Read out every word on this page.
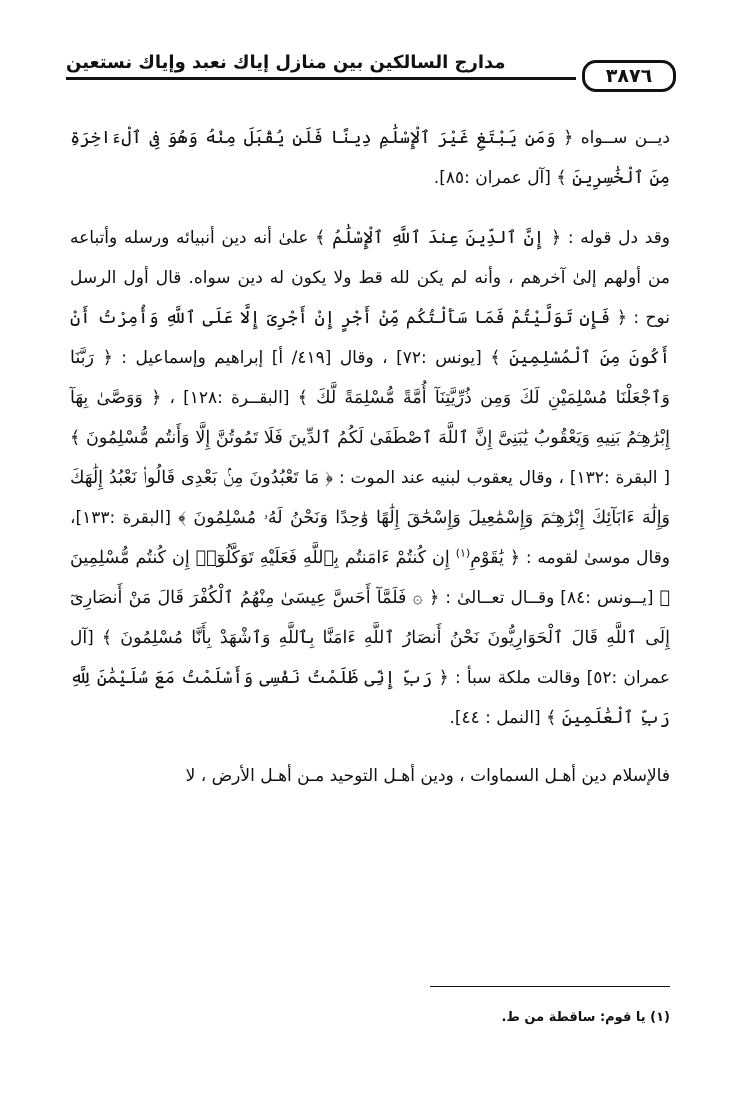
مدارج السالكين بين منازل إياك نعبد وإياك نستعين
٣٨٧٦

ديــن ســواه ﴿ وَمَن يَبْتَغِ غَيْرَ ٱلْإِسْلَٰمِ دِينًا فَلَن يُقْبَلَ مِنْهُ وَهُوَ فِى ٱلْءَاخِرَةِ مِنَ ٱلْخَٰسِرِينَ ﴾ [آل عمران :٨٥].

وقد دل قوله : ﴿ إِنَّ ٱلدِّينَ عِندَ ٱللَّهِ ٱلْإِسْلَٰمُ ﴾ علىٰ أنه دين أنبيائه ورسله وأتباعه من أولهم إلىٰ آخرهم ، وأنه لم يكن لله قط ولا يكون له دين سواه. قال أول الرسل نوح : ﴿ فَإِن تَوَلَّيْتُمْ فَمَا سَأَلْتُكُم مِّنْ أَجْرٍ إِنْ أَجْرِىَ إِلَّا عَلَى ٱللَّهِ وَأُمِرْتُ أَنْ أَكُونَ مِنَ ٱلْمُسْلِمِينَ ﴾ [يونس :٧٢] ، وقال [٤١٩/ أ] إبراهيم وإسماعيل : ﴿ رَبَّنَا وَٱجْعَلْنَا مُسْلِمَيْنِ لَكَ وَمِن ذُرِّيَّتِنَآ أُمَّةً مُّسْلِمَةً لَّكَ ﴾ [البقــرة :١٢٨] ، ﴿ وَوَصَّىٰ بِهَآ إِبْرَٰهِـۧمُ بَنِيهِ وَيَعْقُوبُ يَٰبَنِىَّ إِنَّ ٱللَّهَ ٱصْطَفَىٰ لَكُمُ ٱلدِّينَ فَلَا تَمُوتُنَّ إِلَّا وَأَنتُم مُّسْلِمُونَ ﴾ [ البقرة :١٣٢] ، وقال يعقوب لبنيه عند الموت : ﴿ مَا تَعْبُدُونَ مِنۢ بَعْدِى قَالُوا۟ نَعْبُدُ إِلَٰهَكَ وَإِلَٰهَ ءَابَآئِكَ إِبْرَٰهِـۧمَ وَإِسْمَٰعِيلَ وَإِسْحَٰقَ إِلَٰهًا وَٰحِدًا وَنَحْنُ لَهُۥ مُسْلِمُونَ ﴾ [البقرة :١٣٣]، وقال موسىٰ لقومه : ﴿ يَٰقَوْمِ$^{(١)}$ إِن كُنتُمْ ءَامَنتُم بِٱللَّهِ فَعَلَيْهِ تَوَكَّلُوٓا۟ إِن كُنتُم مُّسْلِمِينَ ﴾ [يــونس :٨٤] وقــال تعــالىٰ : ﴿ ۞ فَلَمَّآ أَحَسَّ عِيسَىٰ مِنْهُمُ ٱلْكُفْرَ قَالَ مَنْ أَنصَارِىٓ إِلَى ٱللَّهِ قَالَ ٱلْحَوَارِيُّونَ نَحْنُ أَنصَارُ ٱللَّهِ ءَامَنَّا بِٱللَّهِ وَٱشْهَدْ بِأَنَّا مُسْلِمُونَ ﴾ [آل عمران :٥٢] وقالت ملكة سبأ : ﴿ رَبِّ إِنِّى ظَلَمْتُ نَفْسِى وَأَسْلَمْتُ مَعَ سُلَيْمَٰنَ لِلَّهِ رَبِّ ٱلْعَٰلَمِينَ ﴾ [النمل : ٤٤].

فالإسلام دين أهـل السماوات ، ودين أهـل التوحيد مـن أهـل الأرض ، لا

(١) يا قوم: ساقطة من ط.
